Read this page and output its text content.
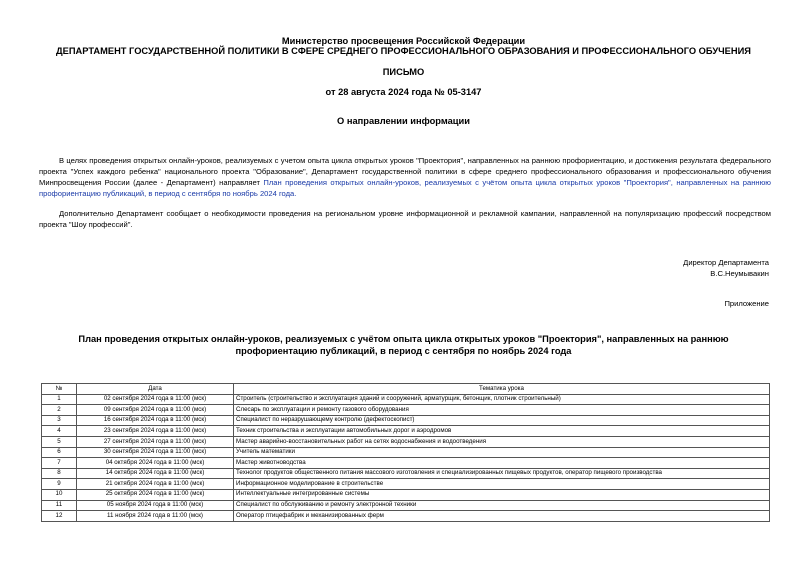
Министерство просвещения Российской Федерации
ДЕПАРТАМЕНТ ГОСУДАРСТВЕННОЙ ПОЛИТИКИ В СФЕРЕ СРЕДНЕГО ПРОФЕССИОНАЛЬНОГО ОБРАЗОВАНИЯ И ПРОФЕССИОНАЛЬНОГО ОБУЧЕНИЯ
ПИСЬМО
от 28 августа 2024 года № 05-3147
О направлении информации
В целях проведения открытых онлайн-уроков, реализуемых с учетом опыта цикла открытых уроков "Проектория", направленных на раннюю профориентацию, и достижения результата федерального проекта "Успех каждого ребенка" национального проекта "Образование", Департамент государственной политики в сфере среднего профессионального образования и профессионального обучения Минпросвещения России (далее - Департамент) направляет План проведения открытых онлайн-уроков, реализуемых с учётом опыта цикла открытых уроков "Проектория", направленных на раннюю профориентацию публикаций, в период с сентября по ноябрь 2024 года.
Дополнительно Департамент сообщает о необходимости проведения на региональном уровне информационной и рекламной кампании, направленной на популяризацию профессий посредством проекта "Шоу профессий".
Директор Департамента
В.С.Неумывакин
Приложение
План проведения открытых онлайн-уроков, реализуемых с учётом опыта цикла открытых уроков "Проектория", направленных на раннюю профориентацию публикаций, в период с сентября по ноябрь 2024 года
№	Дата	Тематика урока
1	02 сентября 2024 года в 11:00 (мск)	Строитель (строительство и эксплуатация зданий и сооружений, арматурщик, бетонщик, плотник строительный)
2	09 сентября 2024 года в 11:00 (мск)	Слесарь по эксплуатации и ремонту газового оборудования
3	16 сентября 2024 года в 11:00 (мск)	Специалист по неразрушающему контролю (дефектоскопист)
4	23 сентября 2024 года в 11:00 (мск)	Техник строительства и эксплуатации автомобильных дорог и аэродромов
5	27 сентября 2024 года в 11:00 (мск)	Мастер аварийно-восстановительных работ на сетях водоснабжения и водоотведения
6	30 сентября 2024 года в 11:00 (мск)	Учитель математики
7	04 октября 2024 года в 11:00 (мск)	Мастер животноводства
8	14 октября 2024 года в 11:00 (мск)	Технолог продуктов общественного питания массового изготовления и специализированных пищевых продуктов, оператор пищевого производства
9	21 октября 2024 года в 11:00 (мск)	Информационное моделирование в строительстве
10	25 октября 2024 года в 11:00 (мск)	Интеллектуальные интегрированные системы
11	05 ноября 2024 года в 11:00 (мск)	Специалист по обслуживанию и ремонту электронной техники
12	11 ноября 2024 года в 11:00 (мск)	Оператор птицефабрик и механизированных ферм
